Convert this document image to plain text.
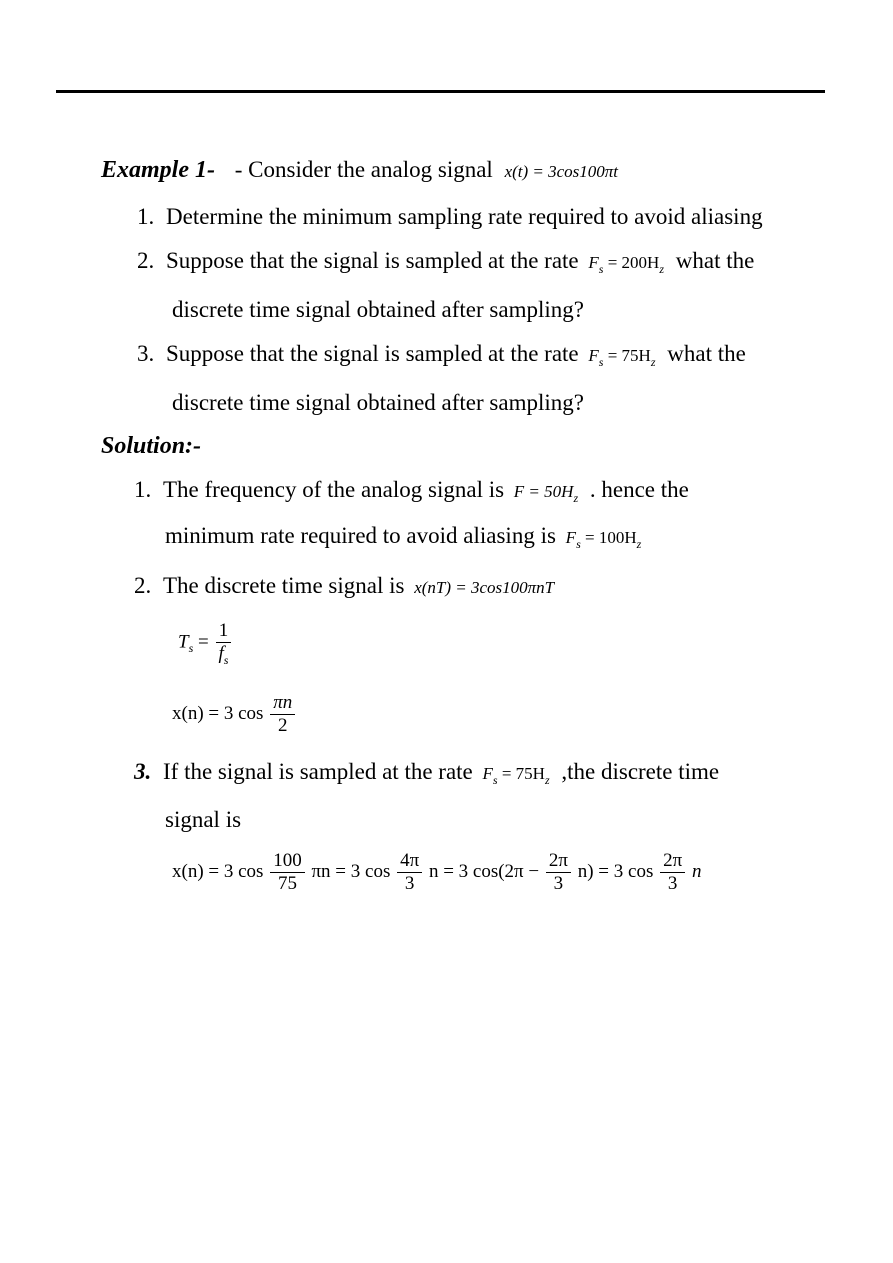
Example 1- - Consider the analog signal x(t) = 3cos100πt
1. Determine the minimum sampling rate required to avoid aliasing
2. Suppose that the signal is sampled at the rate $F_s = 200H_z$ what the
discrete time signal obtained after sampling?
3. Suppose that the signal is sampled at the rate $F_s = 75H_z$ what the
discrete time signal obtained after sampling?
Solution:-
1. The frequency of the analog signal is $F = 50H_z$ . hence the
minimum rate required to avoid aliasing is $F_s = 100H_z$
2. The discrete time signal is x(nT) = 3cos100πnT
$T_s = \frac{1}{f_s}$
x(n) = 3 $\cos \frac{\pi n}{2}$
3. If the signal is sampled at the rate $F_s = 75H_z$ ,the discrete time
signal is
x(n) = 3 $\cos \frac{100}{75}$ πn = 3 $\cos \frac{4\pi}{3}$ n = 3 $\cos(2\pi - \frac{2\pi}{3} n) = 3$ $\cos \frac{2\pi}{3}$ n
